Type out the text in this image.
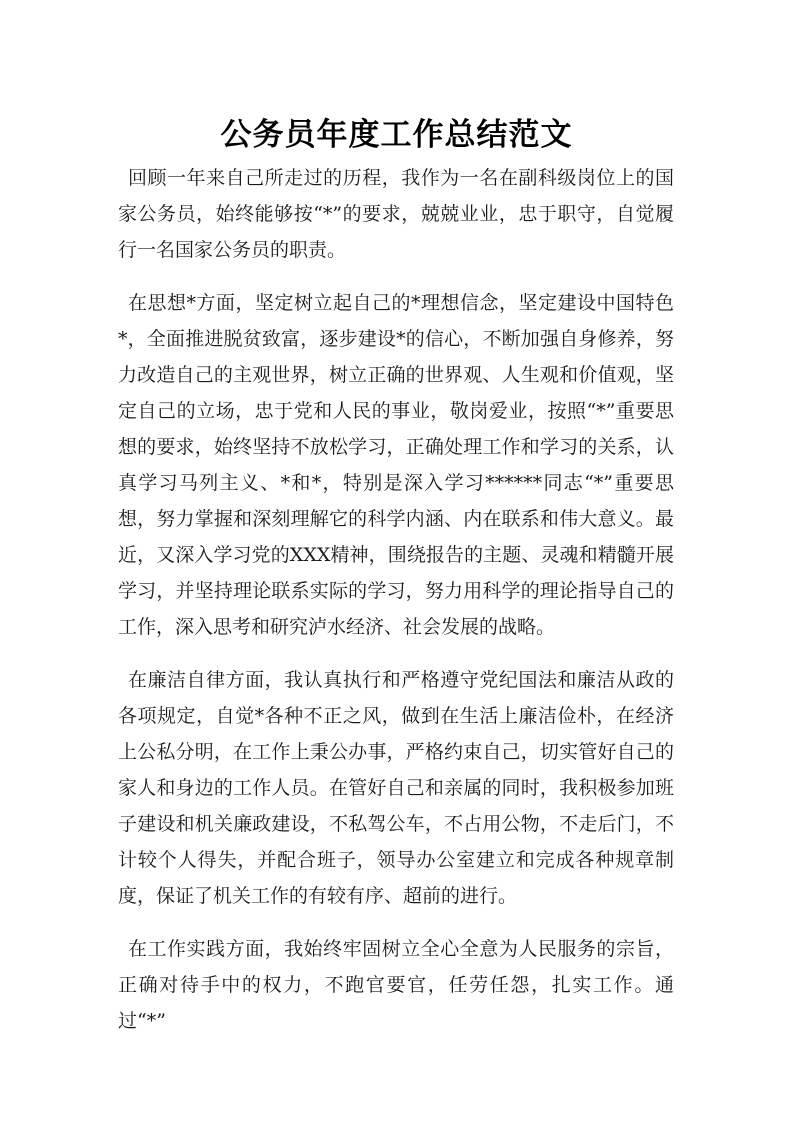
公务员年度工作总结范文

回顾一年来自己所走过的历程，我作为一名在副科级岗位上的国家公务员，始终能够按“*”的要求，兢兢业业，忠于职守，自觉履行一名国家公务员的职责。

在思想*方面，坚定树立起自己的*理想信念，坚定建设中国特色*，全面推进脱贫致富，逐步建设*的信心，不断加强自身修养，努力改造自己的主观世界，树立正确的世界观、人生观和价值观，坚定自己的立场，忠于党和人民的事业，敬岗爱业，按照“*”重要思想的要求，始终坚持不放松学习，正确处理工作和学习的关系，认真学习马列主义、*和*，特别是深入学习******同志“*”重要思想，努力掌握和深刻理解它的科学内涵、内在联系和伟大意义。最近，又深入学习党的XXX精神，围绕报告的主题、灵魂和精髓开展学习，并坚持理论联系实际的学习，努力用科学的理论指导自己的工作，深入思考和研究泸水经济、社会发展的战略。

在廉洁自律方面，我认真执行和严格遵守党纪国法和廉洁从政的各项规定，自觉*各种不正之风，做到在生活上廉洁俭朴，在经济上公私分明，在工作上秉公办事，严格约束自己，切实管好自己的家人和身边的工作人员。在管好自己和亲属的同时，我积极参加班子建设和机关廉政建设，不私驾公车，不占用公物，不走后门，不计较个人得失，并配合班子，领导办公室建立和完成各种规章制度，保证了机关工作的有较有序、超前的进行。

在工作实践方面，我始终牢固树立全心全意为人民服务的宗旨，正确对待手中的权力，不跑官要官，任劳任怨，扎实工作。通过“*”
